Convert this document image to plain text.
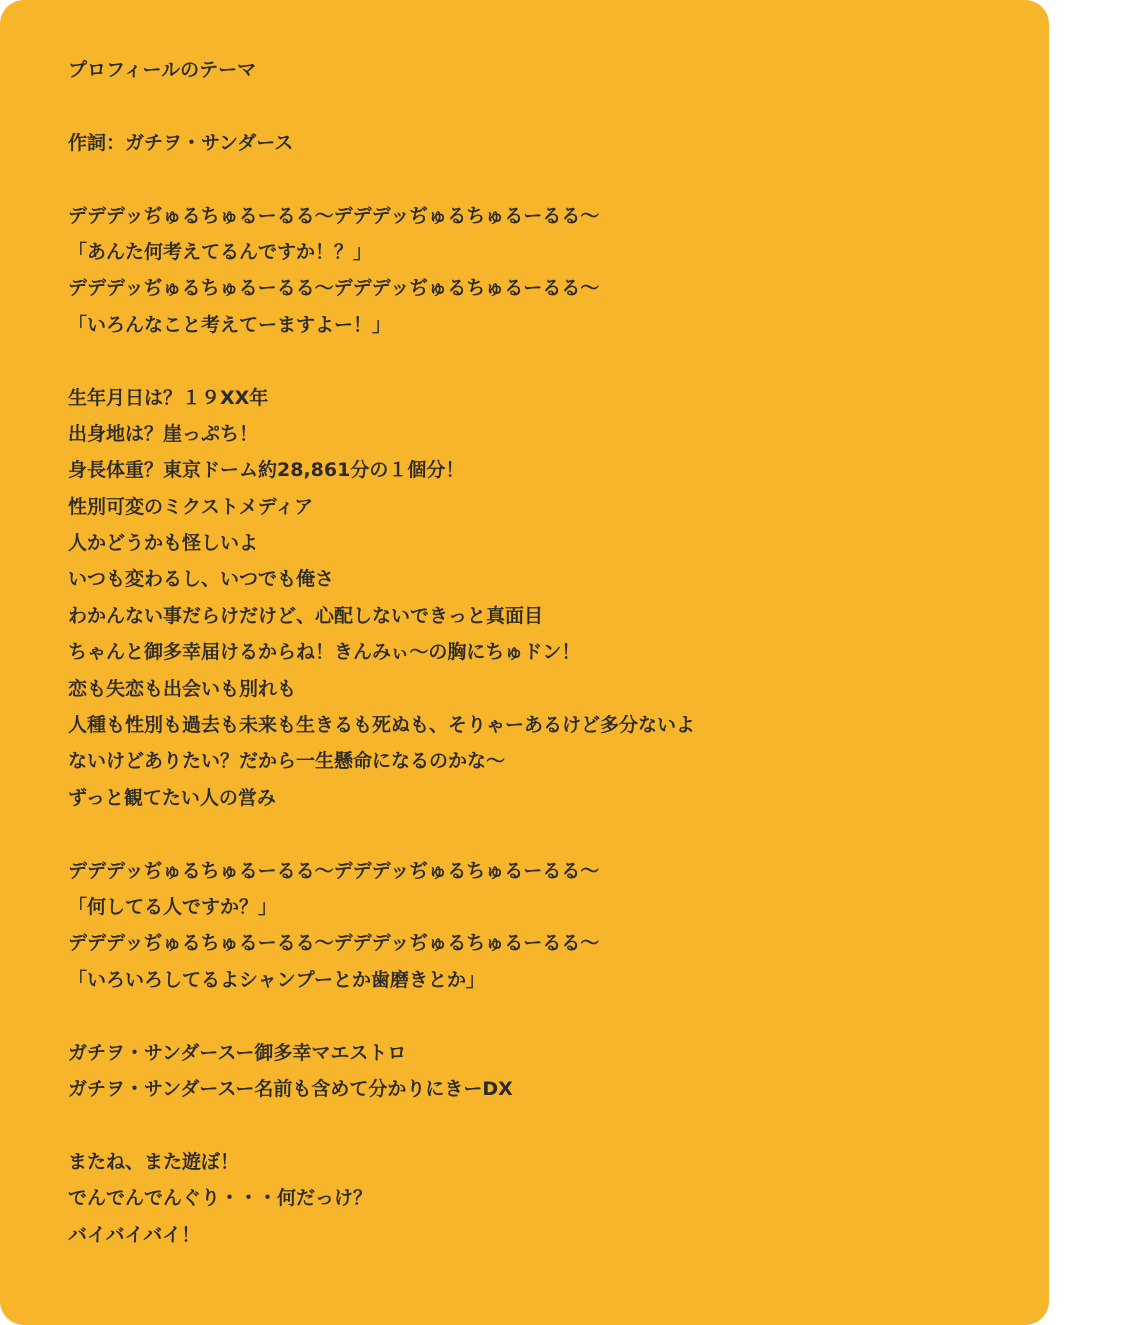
プロフィールのテーマ
作詞：ガチヲ・サンダース
デデデッぢゅるちゅるーるる〜デデデッぢゅるちゅるーるる〜
「あんた何考えてるんですか！？」
デデデッぢゅるちゅるーるる〜デデデッぢゅるちゅるーるる〜
「いろんなこと考えてーますよー！」
生年月日は？１９XX年
出身地は？崖っぷち！
身長体重？東京ドーム約28,861分の１個分！
性別可変のミクストメディア
人かどうかも怪しいよ
いつも変わるし、いつでも俺さ
わかんない事だらけだけど、心配しないできっと真面目
ちゃんと御多幸届けるからね！きんみぃ〜の胸にちゅドン！
恋も失恋も出会いも別れも
人種も性別も過去も未来も生きるも死ぬも、そりゃーあるけど多分ないよ
ないけどありたい？だから一生懸命になるのかな〜
ずっと観てたい人の営み
デデデッぢゅるちゅるーるる〜デデデッぢゅるちゅるーるる〜
「何してる人ですか？」
デデデッぢゅるちゅるーるる〜デデデッぢゅるちゅるーるる〜
「いろいろしてるよシャンプーとか歯磨きとか」
ガチヲ・サンダースー御多幸マエストロ
ガチヲ・サンダースー名前も含めて分かりにきーDX
またね、また遊ぼ！
でんでんでんぐり・・・何だっけ？
バイバイバイ！
